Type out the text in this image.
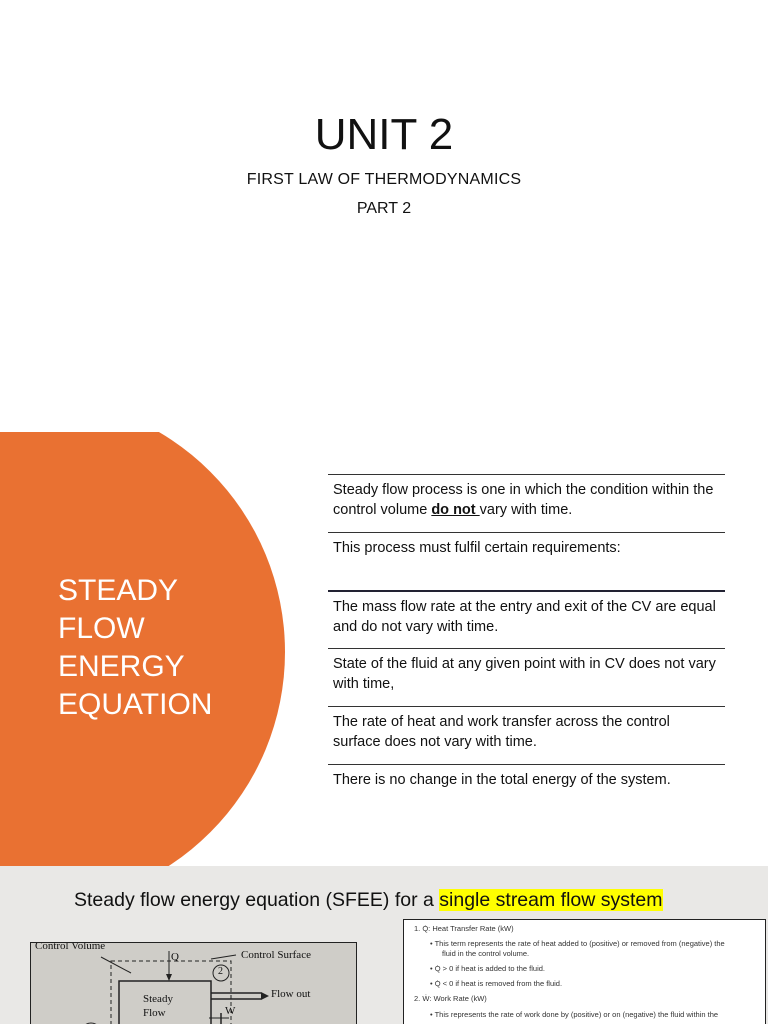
UNIT 2
FIRST LAW OF THERMODYNAMICS
PART 2
STEADY
FLOW
ENERGY
EQUATION
Steady flow process is one in which the condition within the control volume do not vary with time.
This process must fulfil certain requirements:
The mass flow rate at the entry and exit of the CV are equal and do not vary with time.
State of the fluid at any given point with in CV does not vary with time,
The rate of heat and work transfer across the control surface does not vary with time.
There is no change in the total energy of the system.
Steady flow energy equation (SFEE) for a single stream flow system
Control Volume
Control Surface
Q
2
Flow out
Steady
Flow	W
1. Q̇: Heat Transfer Rate (kW)
• This term represents the rate of heat added to (positive) or removed from (negative) the
fluid in the control volume.
• Q̇ > 0 if heat is added to the fluid.
• Q̇ < 0 if heat is removed from the fluid.
2. Ẇ: Work Rate (kW)
• This represents the rate of work done by (positive) or on (negative) the fluid within the
